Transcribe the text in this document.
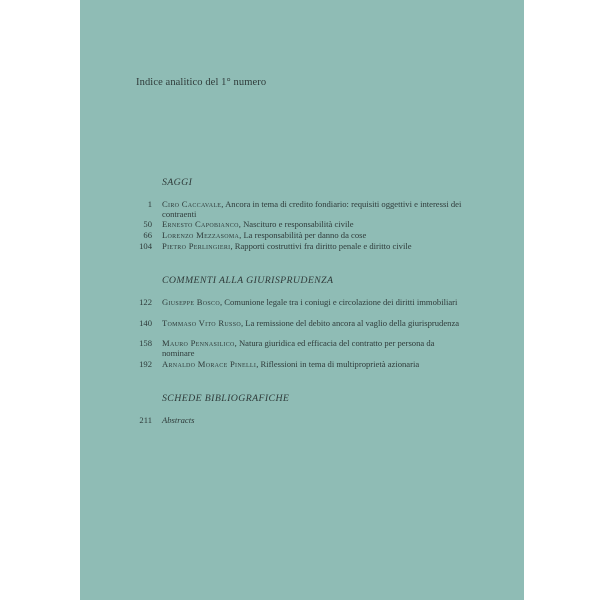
Indice analitico del 1° numero
SAGGI
1 Ciro Caccavale, Ancora in tema di credito fondiario: requisiti oggettivi e interessi dei contraenti
50 Ernesto Capobianco, Nascituro e responsabilità civile
66 Lorenzo Mezzasoma, La responsabilità per danno da cose
104 Pietro Perlingieri, Rapporti costruttivi fra diritto penale e diritto civile
COMMENTI ALLA GIURISPRUDENZA
122 Giuseppe Bosco, Comunione legale tra i coniugi e circolazione dei diritti immobiliari
140 Tommaso Vito Russo, La remissione del debito ancora al vaglio della giurisprudenza
158 Mauro Pennasilico, Natura giuridica ed efficacia del contratto per persona da nominare
192 Arnaldo Morace Pinelli, Riflessioni in tema di multiproprietà azionaria
SCHEDE BIBLIOGRAFICHE
211 Abstracts
